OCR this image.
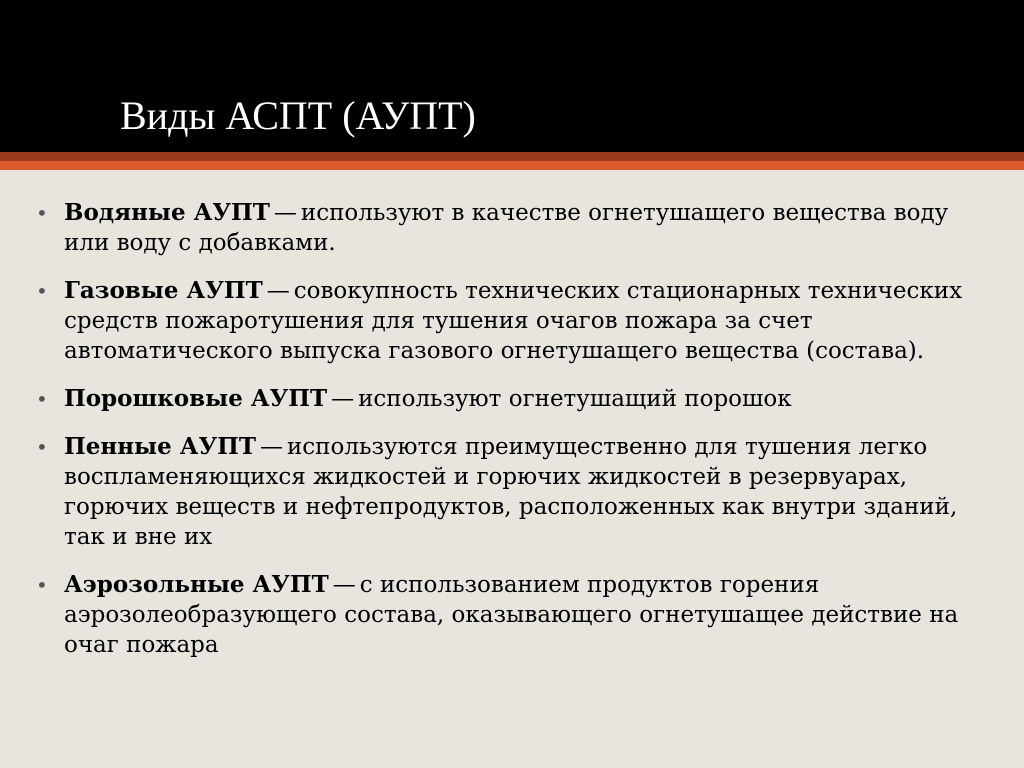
Виды АСПТ (АУПТ)
• Водяные АУПТ — используют в качестве огнетушащего вещества воду или воду с добавками.
• Газовые АУПТ — совокупность технических стационарных технических средств пожаротушения для тушения очагов пожара за счет автоматического выпуска газового огнетушащего вещества (состава).
• Порошковые АУПТ — используют огнетушащий порошок
• Пенные АУПТ — используются преимущественно для тушения легко воспламеняющихся жидкостей и горючих жидкостей в резервуарах, горючих веществ и нефтепродуктов, расположенных как внутри зданий, так и вне их
• Аэрозольные АУПТ — с использованием продуктов горения аэрозолеобразующего состава, оказывающего огнетушащее действие на очаг пожара
